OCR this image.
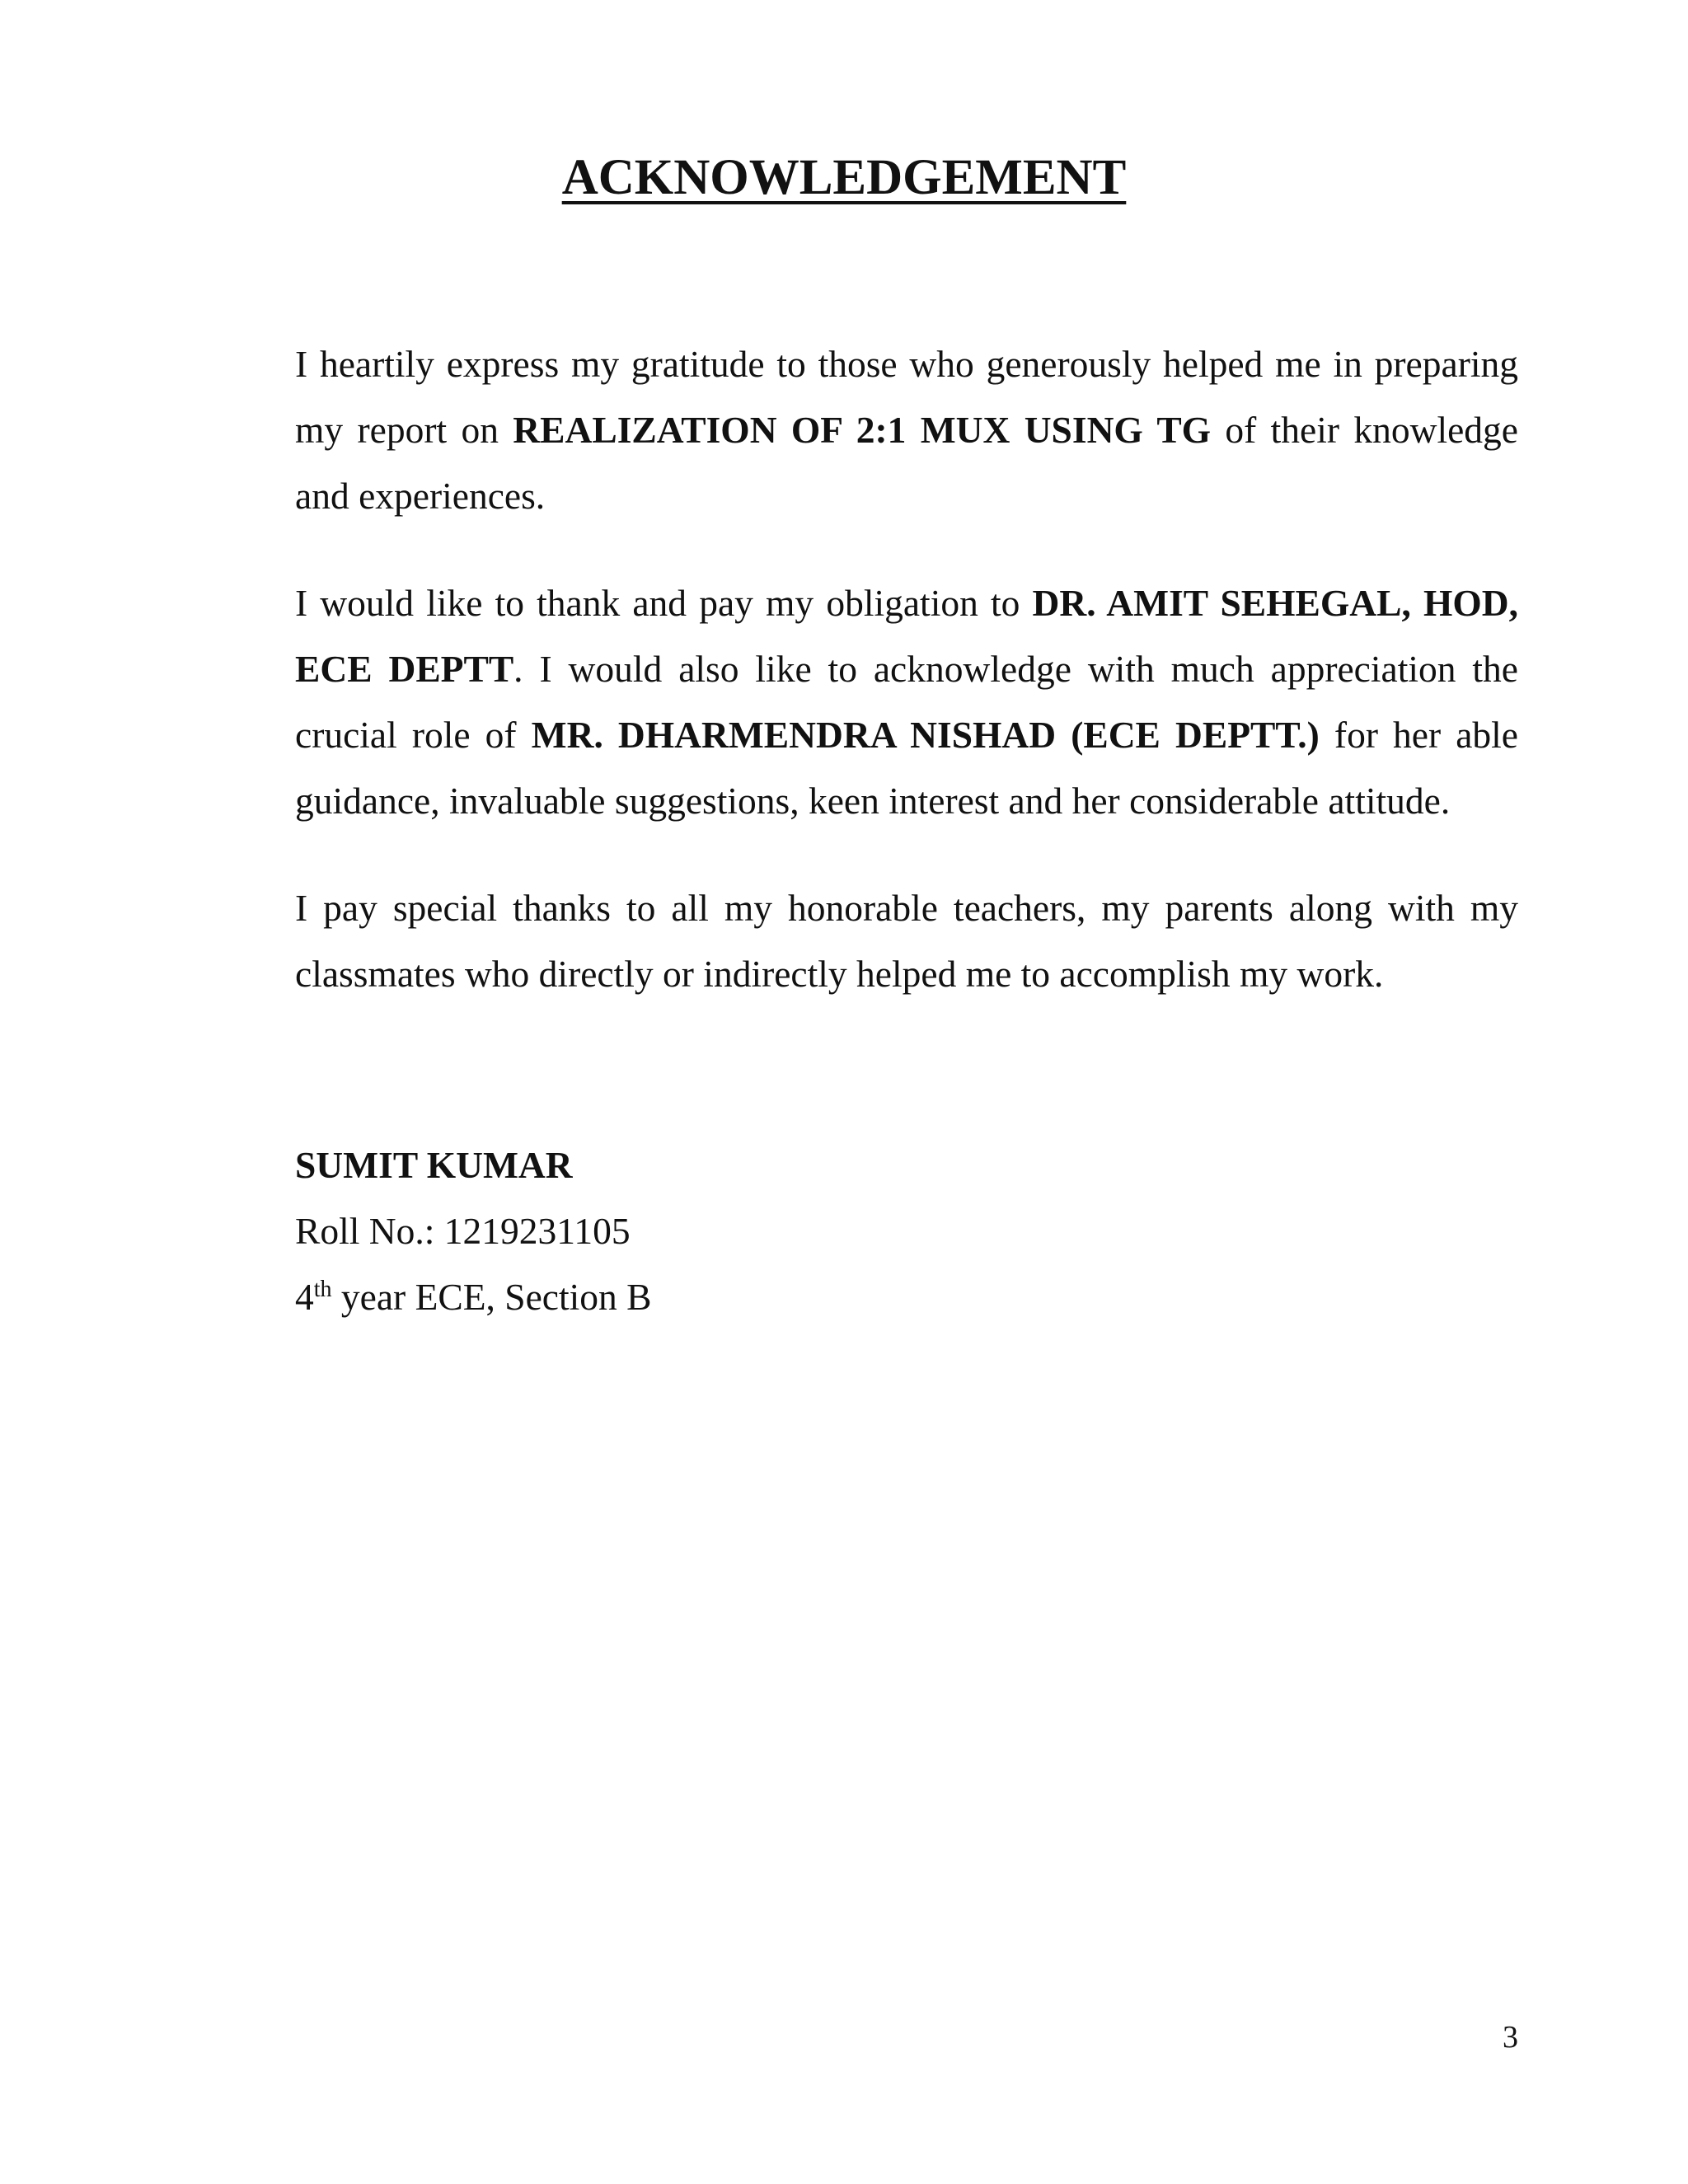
ACKNOWLEDGEMENT

I heartily express my gratitude to those who generously helped me in preparing my report on REALIZATION OF 2:1 MUX USING TG of their knowledge and experiences.

I would like to thank and pay my obligation to DR. AMIT SEHEGAL, HOD, ECE DEPTT. I would also like to acknowledge with much appreciation the crucial role of MR. DHARMENDRA NISHAD (ECE DEPTT.) for her able guidance, invaluable suggestions, keen interest and her considerable attitude.

I pay special thanks to all my honorable teachers, my parents along with my classmates who directly or indirectly helped me to accomplish my work.

SUMIT KUMAR
Roll No.: 1219231105
4th year ECE, Section B
3
